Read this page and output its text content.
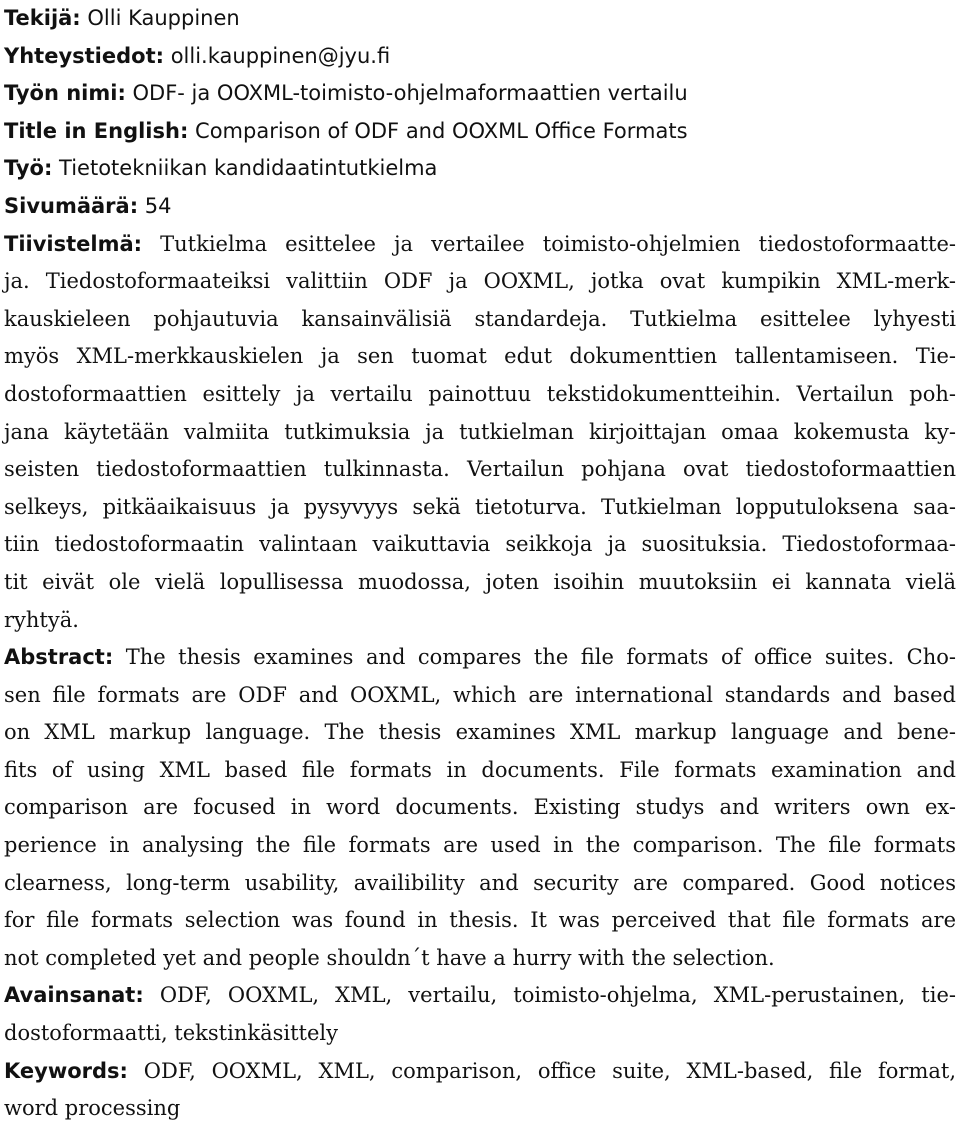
Tekijä: Olli Kauppinen
Yhteystiedot: olli.kauppinen@jyu.fi
Työn nimi: ODF- ja OOXML-toimisto-ohjelmaformaattien vertailu
Title in English: Comparison of ODF and OOXML Office Formats
Työ: Tietotekniikan kandidaatintutkielma
Sivumäärä: 54
Tiivistelmä: Tutkielma esittelee ja vertailee toimisto-ohjelmien tiedostoformaatte-
ja. Tiedostoformaateiksi valittiin ODF ja OOXML, jotka ovat kumpikin XML-merk-
kauskieleen pohjautuvia kansainvälisiä standardeja. Tutkielma esittelee lyhyesti
myös XML-merkkauskielen ja sen tuomat edut dokumenttien tallentamiseen. Tie-
dostoformaattien esittely ja vertailu painottuu tekstidokumentteihin. Vertailun poh-
jana käytetään valmiita tutkimuksia ja tutkielman kirjoittajan omaa kokemusta ky-
seisten tiedostoformaattien tulkinnasta. Vertailun pohjana ovat tiedostoformaattien
selkeys, pitkäaikaisuus ja pysyvyys sekä tietoturva. Tutkielman lopputuloksena saa-
tiin tiedostoformaatin valintaan vaikuttavia seikkoja ja suosituksia. Tiedostoformaa-
tit eivät ole vielä lopullisessa muodossa, joten isoihin muutoksiin ei kannata vielä
ryhtyä.
Abstract: The thesis examines and compares the file formats of office suites. Cho-
sen file formats are ODF and OOXML, which are international standards and based
on XML markup language. The thesis examines XML markup language and bene-
fits of using XML based file formats in documents. File formats examination and
comparison are focused in word documents. Existing studys and writers own ex-
perience in analysing the file formats are used in the comparison. The file formats
clearness, long-term usability, availibility and security are compared. Good notices
for file formats selection was found in thesis. It was perceived that file formats are
not completed yet and people shouldn´t have a hurry with the selection.
Avainsanat: ODF, OOXML, XML, vertailu, toimisto-ohjelma, XML-perustainen, tie-
dostoformaatti, tekstinkäsittely
Keywords: ODF, OOXML, XML, comparison, office suite, XML-based, file format,
word processing
